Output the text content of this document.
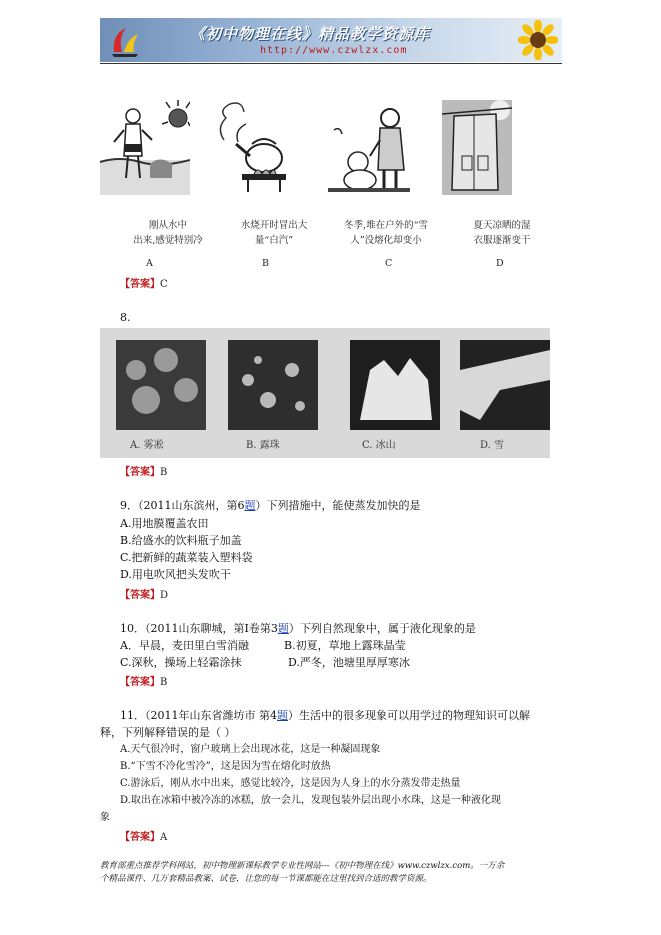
《初中物理在线》精品教学资源库
http://www.czwlzx.com
刚从水中
出来,感觉特别冷
水烧开时冒出大
量“白汽”
冬季,堆在户外的“雪
人”没熔化却变小
夏天凉晒的湿
衣服逐渐变干
A	B	C	D
【答案】C
8.
A. 雾凇	B. 露珠	C. 冰山	D. 雪
【答案】B
9．（2011山东滨州，第6题）下列措施中，能使蒸发加快的是
A.用地膜覆盖农田
B.给盛水的饮料瓶子加盖
C.把新鲜的蔬菜装入塑料袋
D.用电吹风把头发吹干
【答案】D
10．（2011山东聊城，第Ⅰ卷第3题）下列自然现象中，属于液化现象的是
A．早晨，麦田里白雪消融	B.初夏，草地上露珠晶莹
C.深秋，操场上轻霜涂抹	D.严冬，池塘里厚厚寒冰
【答案】B
11．（2011年山东省潍坊市 第4题）生活中的很多现象可以用学过的物理知识可以解
释，下列解释错误的是（ ）
A.天气很冷时，窗户玻璃上会出现冰花，这是一种凝固现象
B.“下雪不冷化雪冷”，这是因为雪在熔化时放热
C.游泳后，刚从水中出来，感觉比较冷，这是因为人身上的水分蒸发带走热量
D.取出在冰箱中被冷冻的冰糕，放一会儿，发现包装外层出现小水珠，这是一种液化现
象
【答案】A
教育部重点推荐学科网站，初中物理新课标教学专业性网站---《初中物理在线》www.czwlzx.com。一万余
个精品课件、几万套精品教案、试卷，让您的每一节课都能在这里找到合适的教学资源。
